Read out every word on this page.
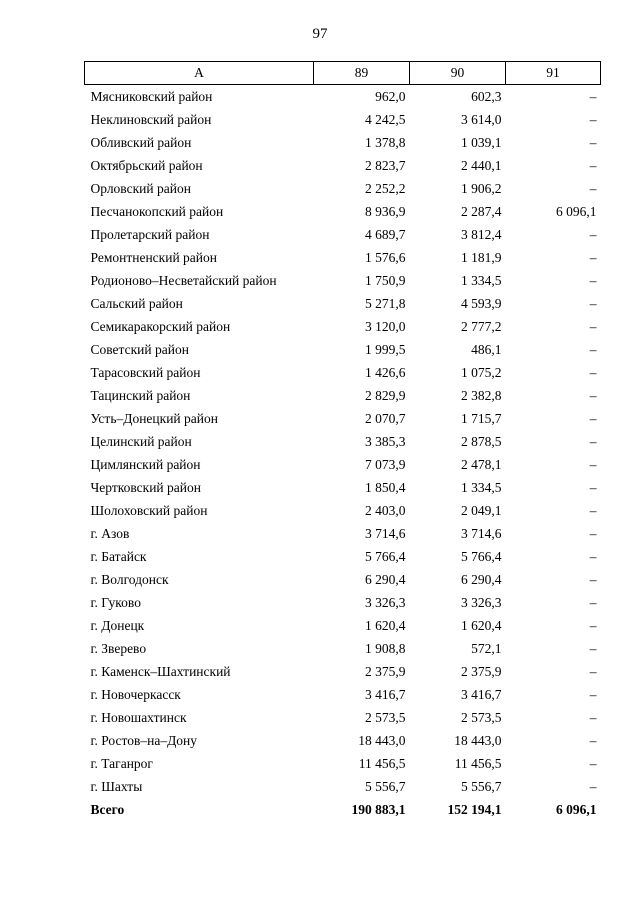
97
А	89	90	91
Мясниковский район	962,0	602,3	–
Неклиновский район	4 242,5	3 614,0	–
Обливский район	1 378,8	1 039,1	–
Октябрьский район	2 823,7	2 440,1	–
Орловский район	2 252,2	1 906,2	–
Песчанокопский район	8 936,9	2 287,4	6 096,1
Пролетарский район	4 689,7	3 812,4	–
Ремонтненский район	1 576,6	1 181,9	–
Родионово–Несветайский район	1 750,9	1 334,5	–
Сальский район	5 271,8	4 593,9	–
Семикаракорский район	3 120,0	2 777,2	–
Советский район	1 999,5	486,1	–
Тарасовский район	1 426,6	1 075,2	–
Тацинский район	2 829,9	2 382,8	–
Усть–Донецкий район	2 070,7	1 715,7	–
Целинский район	3 385,3	2 878,5	–
Цимлянский район	7 073,9	2 478,1	–
Чертковский район	1 850,4	1 334,5	–
Шолоховский район	2 403,0	2 049,1	–
г. Азов	3 714,6	3 714,6	–
г. Батайск	5 766,4	5 766,4	–
г. Волгодонск	6 290,4	6 290,4	–
г. Гуково	3 326,3	3 326,3	–
г. Донецк	1 620,4	1 620,4	–
г. Зверево	1 908,8	572,1	–
г. Каменск–Шахтинский	2 375,9	2 375,9	–
г. Новочеркасск	3 416,7	3 416,7	–
г. Новошахтинск	2 573,5	2 573,5	–
г. Ростов–на–Дону	18 443,0	18 443,0	–
г. Таганрог	11 456,5	11 456,5	–
г. Шахты	5 556,7	5 556,7	–
Всего	190 883,1	152 194,1	6 096,1
